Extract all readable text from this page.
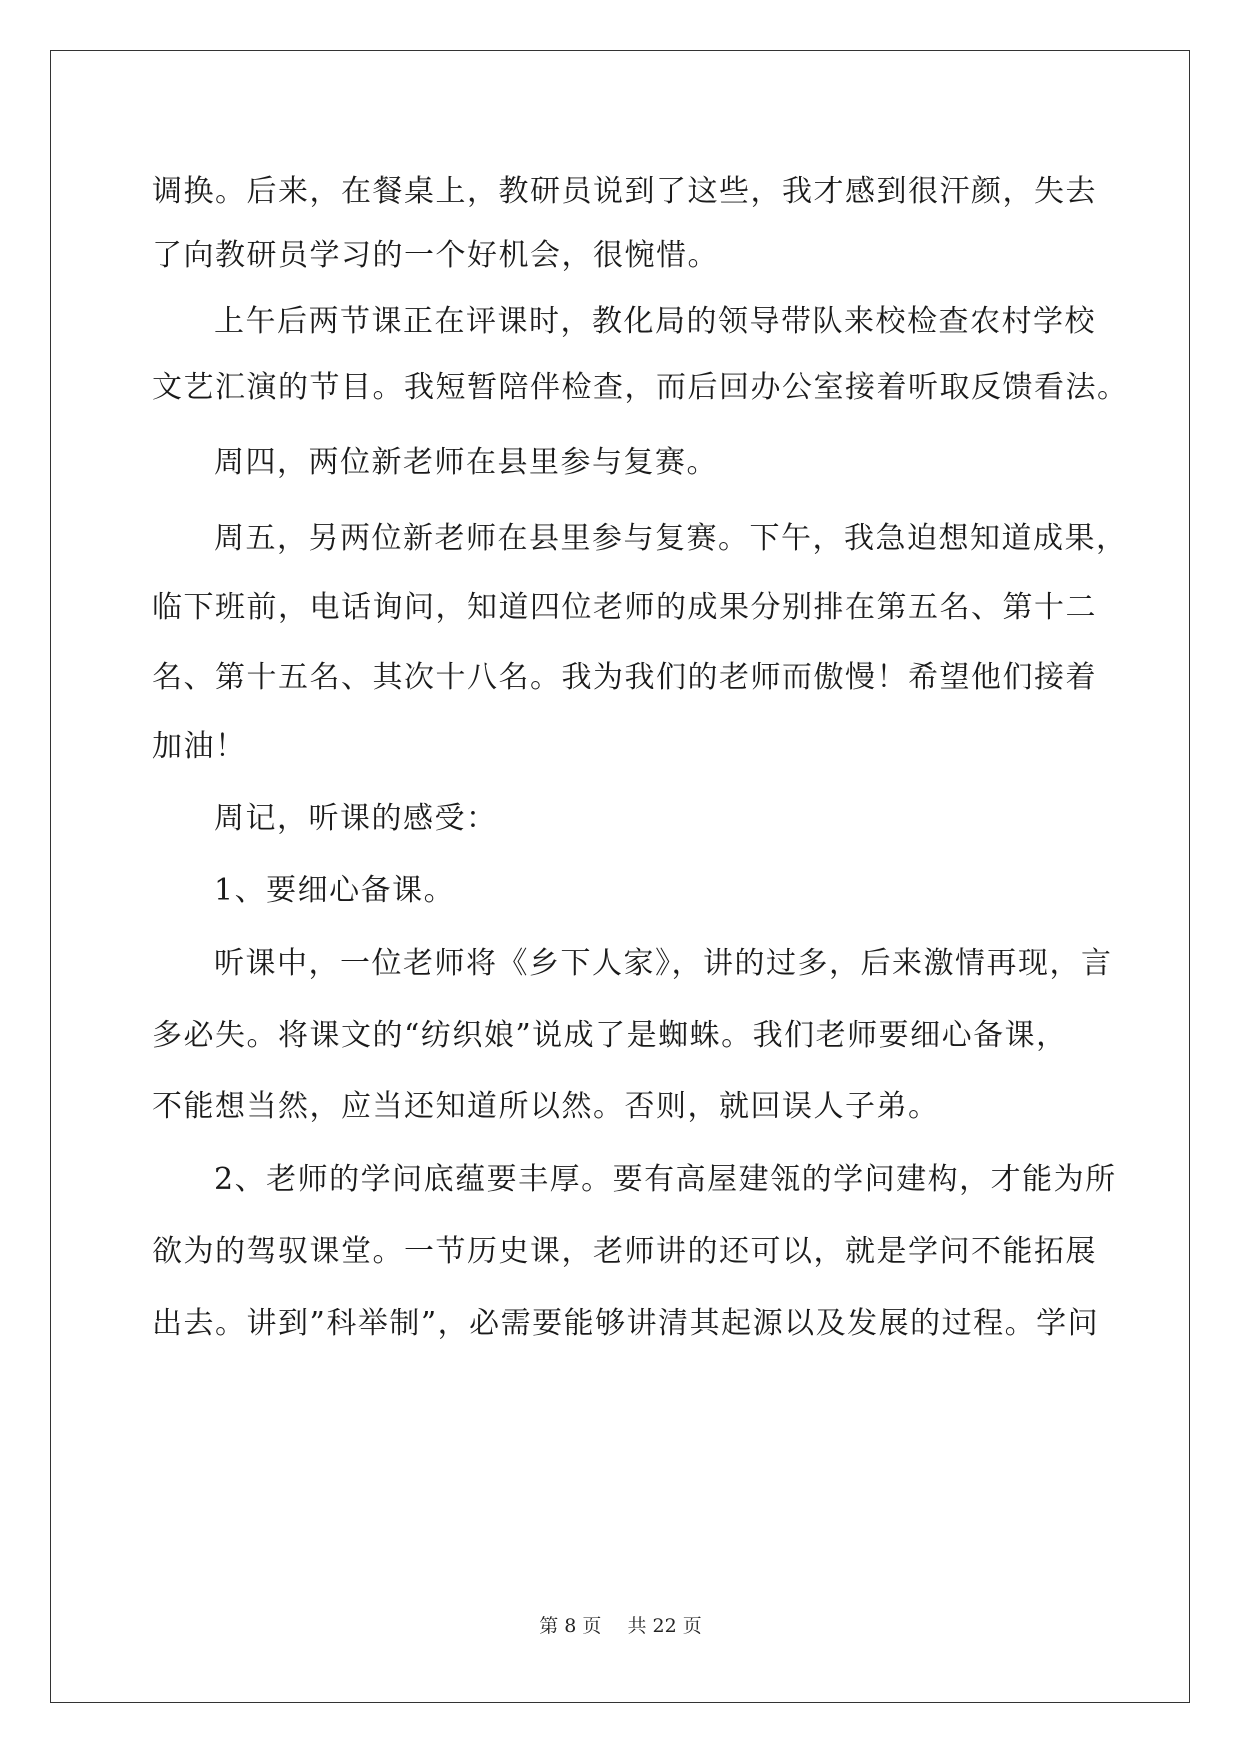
调换。后来，在餐桌上，教研员说到了这些，我才感到很汗颜，失去
了向教研员学习的一个好机会，很惋惜。
上午后两节课正在评课时，教化局的领导带队来校检查农村学校
文艺汇演的节目。我短暂陪伴检查，而后回办公室接着听取反馈看法。
周四，两位新老师在县里参与复赛。
周五，另两位新老师在县里参与复赛。下午，我急迫想知道成果，
临下班前，电话询问，知道四位老师的成果分别排在第五名、第十二
名、第十五名、其次十八名。我为我们的老师而傲慢！希望他们接着
加油！
周记，听课的感受：
1、要细心备课。
听课中，一位老师将《乡下人家》，讲的过多，后来激情再现，言
多必失。将课文的“纺织娘”说成了是蜘蛛。我们老师要细心备课，
不能想当然，应当还知道所以然。否则，就回误人子弟。
2、老师的学问底蕴要丰厚。要有高屋建瓴的学问建构，才能为所
欲为的驾驭课堂。一节历史课，老师讲的还可以，就是学问不能拓展
出去。讲到”科举制”，必需要能够讲清其起源以及发展的过程。学问
第 8 页 共 22 页
